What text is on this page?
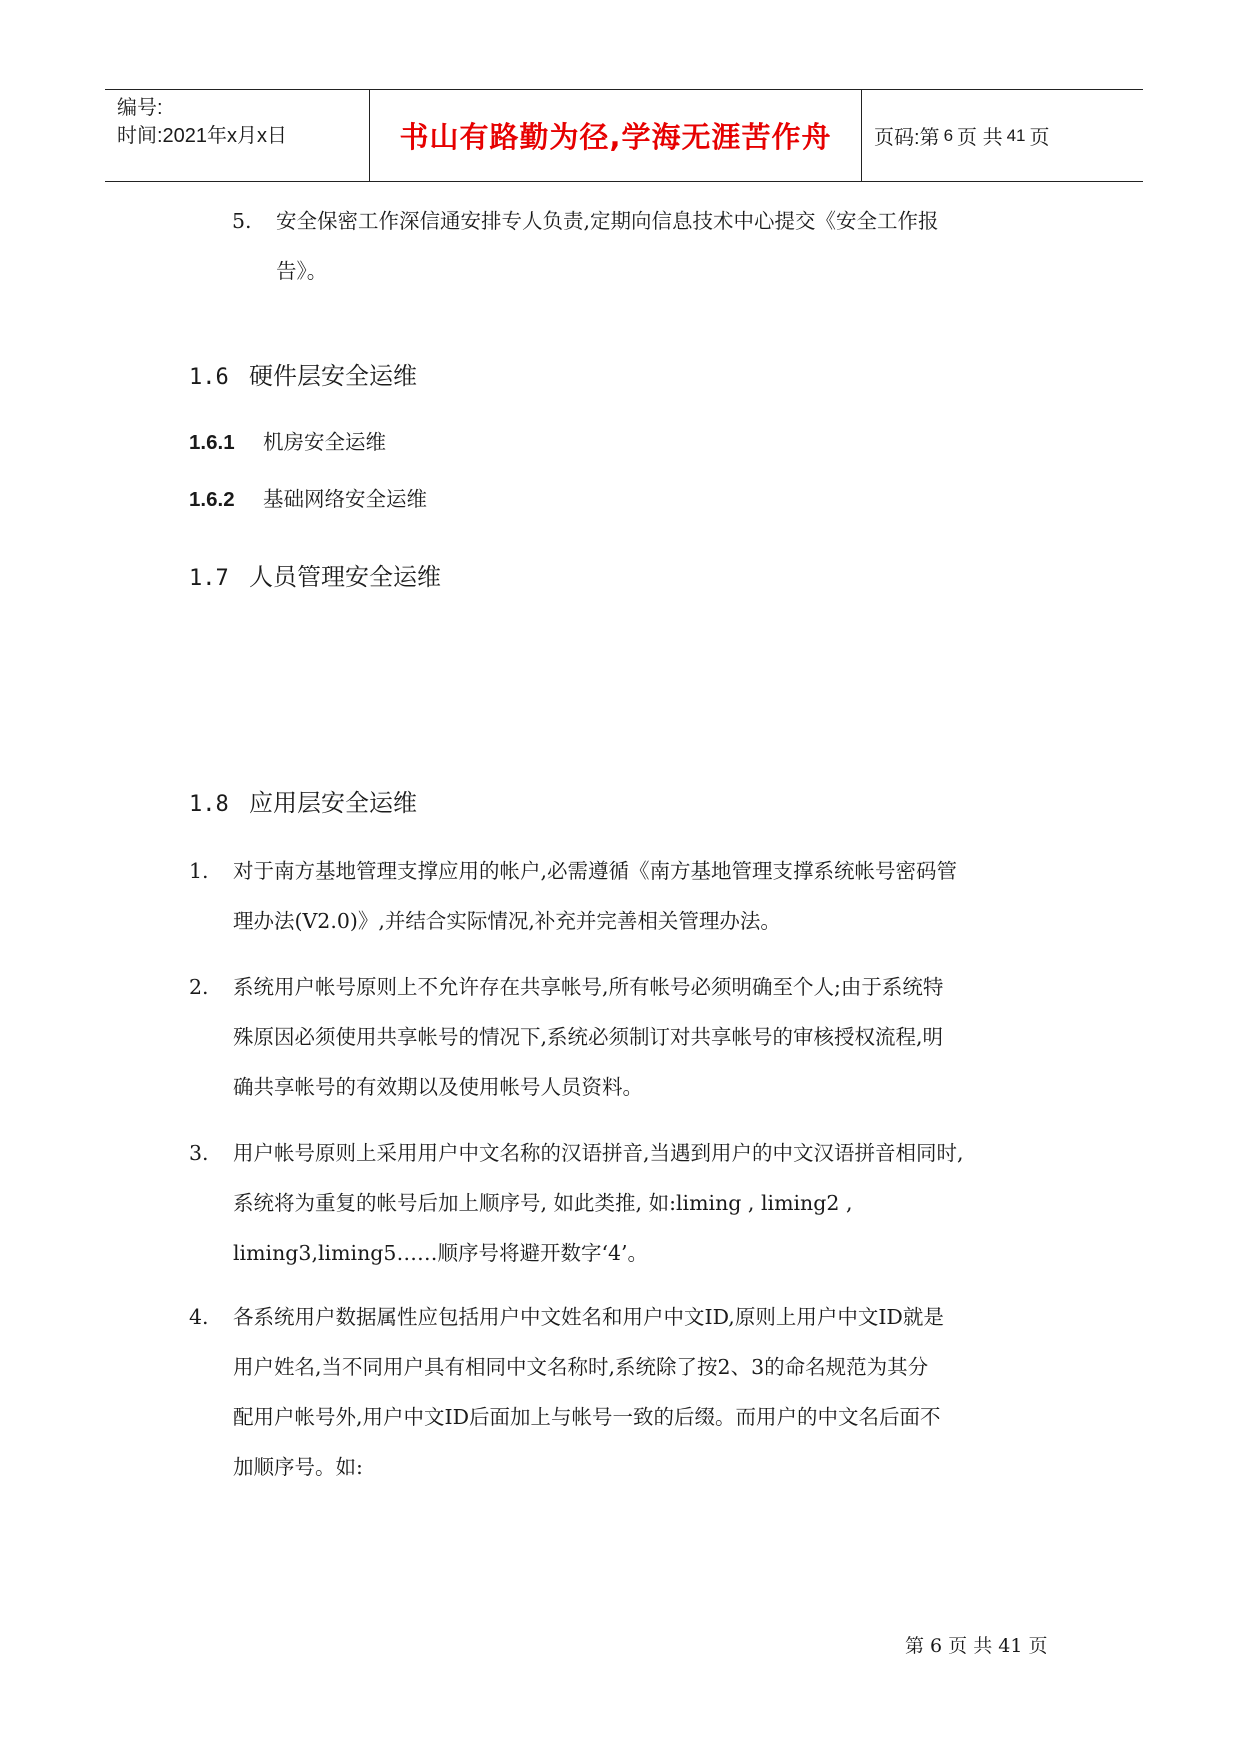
编号:
时间:2021年x月x日	书山有路勤为径,学海无涯苦作舟	页码:第 6 页 共 41 页
5. 安全保密工作深信通安排专人负责,定期向信息技术中心提交《安全工作报
告》。
1.6 硬件层安全运维
1.6.1 机房安全运维
1.6.2 基础网络安全运维
1.7 人员管理安全运维
1.8 应用层安全运维
1. 对于南方基地管理支撑应用的帐户,必需遵循《南方基地管理支撑系统帐号密码管
理办法(V2.0)》,并结合实际情况,补充并完善相关管理办法。
2. 系统用户帐号原则上不允许存在共享帐号,所有帐号必须明确至个人;由于系统特
殊原因必须使用共享帐号的情况下,系统必须制订对共享帐号的审核授权流程,明
确共享帐号的有效期以及使用帐号人员资料。
3. 用户帐号原则上采用用户中文名称的汉语拼音,当遇到用户的中文汉语拼音相同时,
系统将为重复的帐号后加上顺序号, 如此类推, 如:liming , liming2 ,
liming3,liming5……顺序号将避开数字‘4’。
4. 各系统用户数据属性应包括用户中文姓名和用户中文ID,原则上用户中文ID就是
用户姓名,当不同用户具有相同中文名称时,系统除了按2、3的命名规范为其分
配用户帐号外,用户中文ID后面加上与帐号一致的后缀。而用户的中文名后面不
加顺序号。如:
第 6 页 共 41 页
